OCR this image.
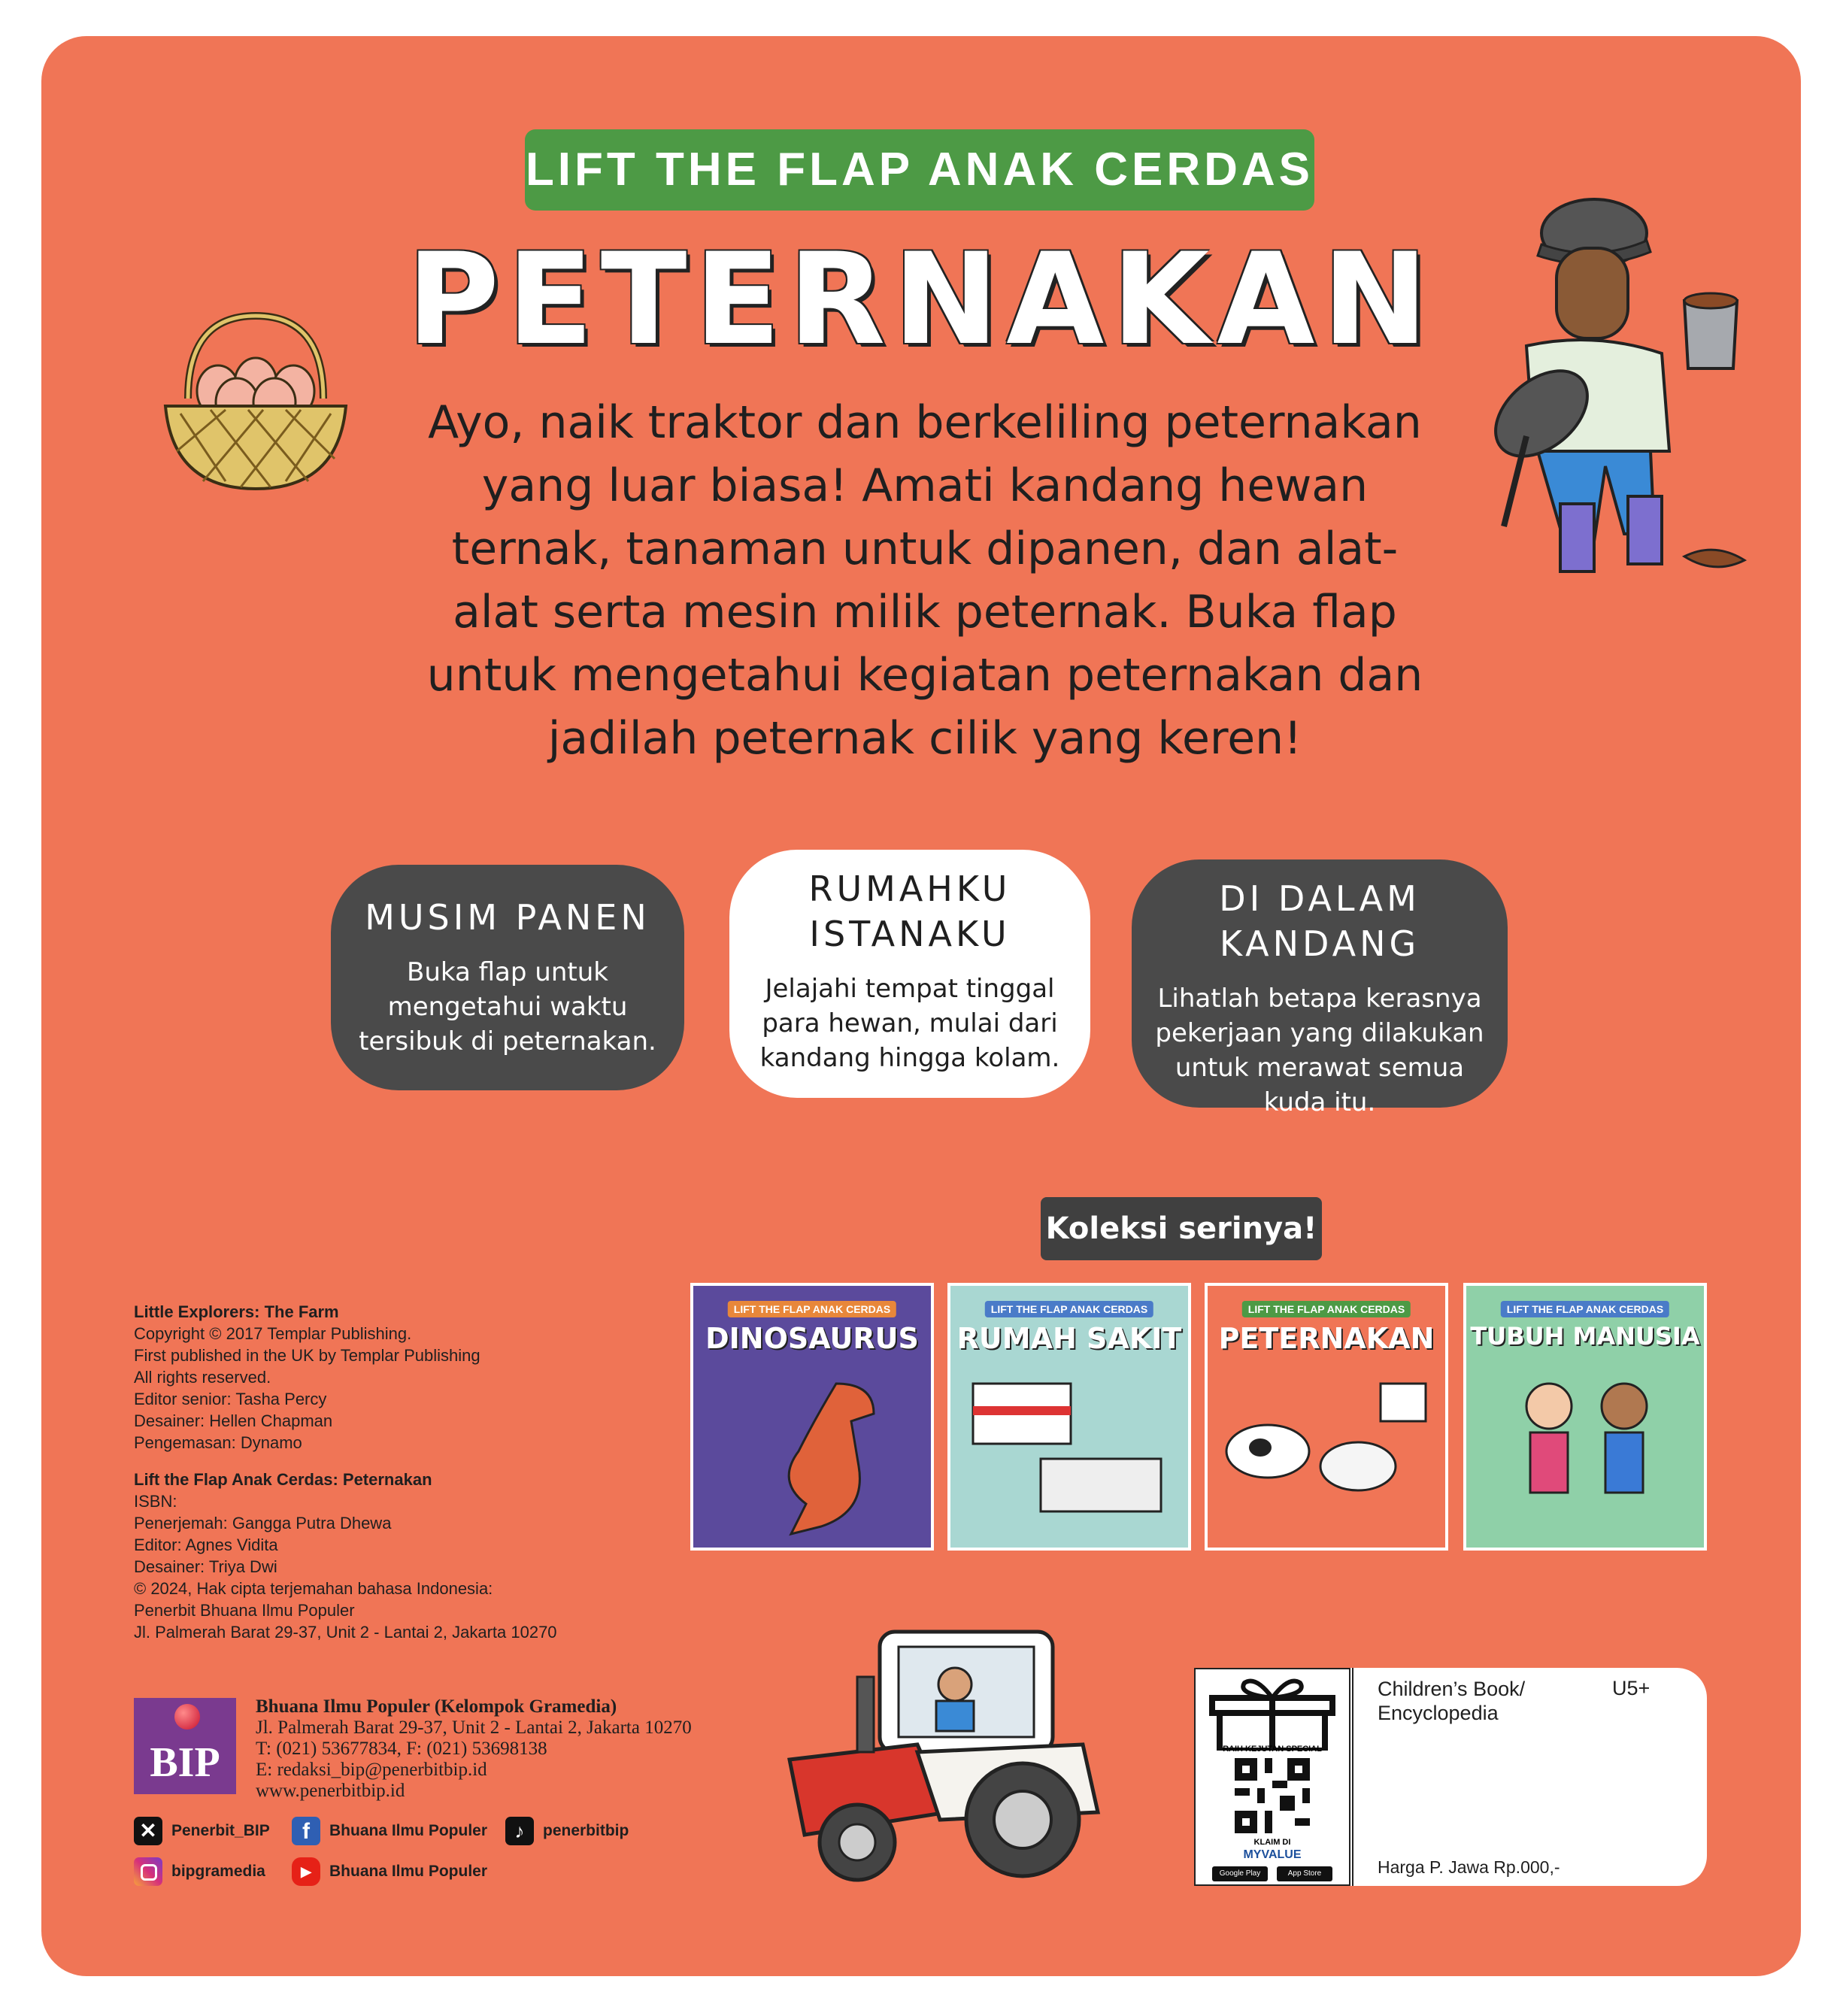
LIFT THE FLAP ANAK CERDAS
PETERNAKAN
Ayo, naik traktor dan berkeliling peternakan
yang luar biasa! Amati kandang hewan
ternak, tanaman untuk dipanen, dan alat-
alat serta mesin milik peternak. Buka flap
untuk mengetahui kegiatan peternakan dan
jadilah peternak cilik yang keren!
MUSIM PANEN

Buka flap untuk
mengetahui waktu
tersibuk di peternakan.

RUMAHKU
ISTANAKU

Jelajahi tempat tinggal
para hewan, mulai dari
kandang hingga kolam.

DI DALAM
KANDANG

Lihatlah betapa kerasnya
pekerjaan yang dilakukan
untuk merawat semua
kuda itu.

Koleksi serinya!
LIFT THE FLAP ANAK CERDAS
DINOSAURUS
LIFT THE FLAP ANAK CERDAS
RUMAH SAKIT
LIFT THE FLAP ANAK CERDAS
PETERNAKAN
LIFT THE FLAP ANAK CERDAS
TUBUH MANUSIA
Little Explorers: The Farm
Copyright © 2017 Templar Publishing.
First published in the UK by Templar Publishing
All rights reserved.
Editor senior: Tasha Percy
Desainer: Hellen Chapman
Pengemasan: Dynamo
Lift the Flap Anak Cerdas: Peternakan
ISBN:
Penerjemah: Gangga Putra Dhewa
Editor: Agnes Vidita
Desainer: Triya Dwi
© 2024, Hak cipta terjemahan bahasa Indonesia:
Penerbit Bhuana Ilmu Populer
Jl. Palmerah Barat 29-37, Unit 2 - Lantai 2, Jakarta 10270
BIP
Bhuana Ilmu Populer (Kelompok Gramedia)
Jl. Palmerah Barat 29-37, Unit 2 - Lantai 2, Jakarta 10270
T: (021) 53677834, F: (021) 53698138
E: redaksi_bip@penerbitbip.id
www.penerbitbip.id
✕ Penerbit_BIP	f	Bhuana Ilmu Populer	♪	penerbitbip
bipgramedia	▶	Bhuana Ilmu Populer
RAIH KEJUTAN SPECIAL
KLAIM DI
MYVALUE
Google Play	App Store
Children’s Book/
Encyclopedia
U5+
Harga P. Jawa Rp.000,-
